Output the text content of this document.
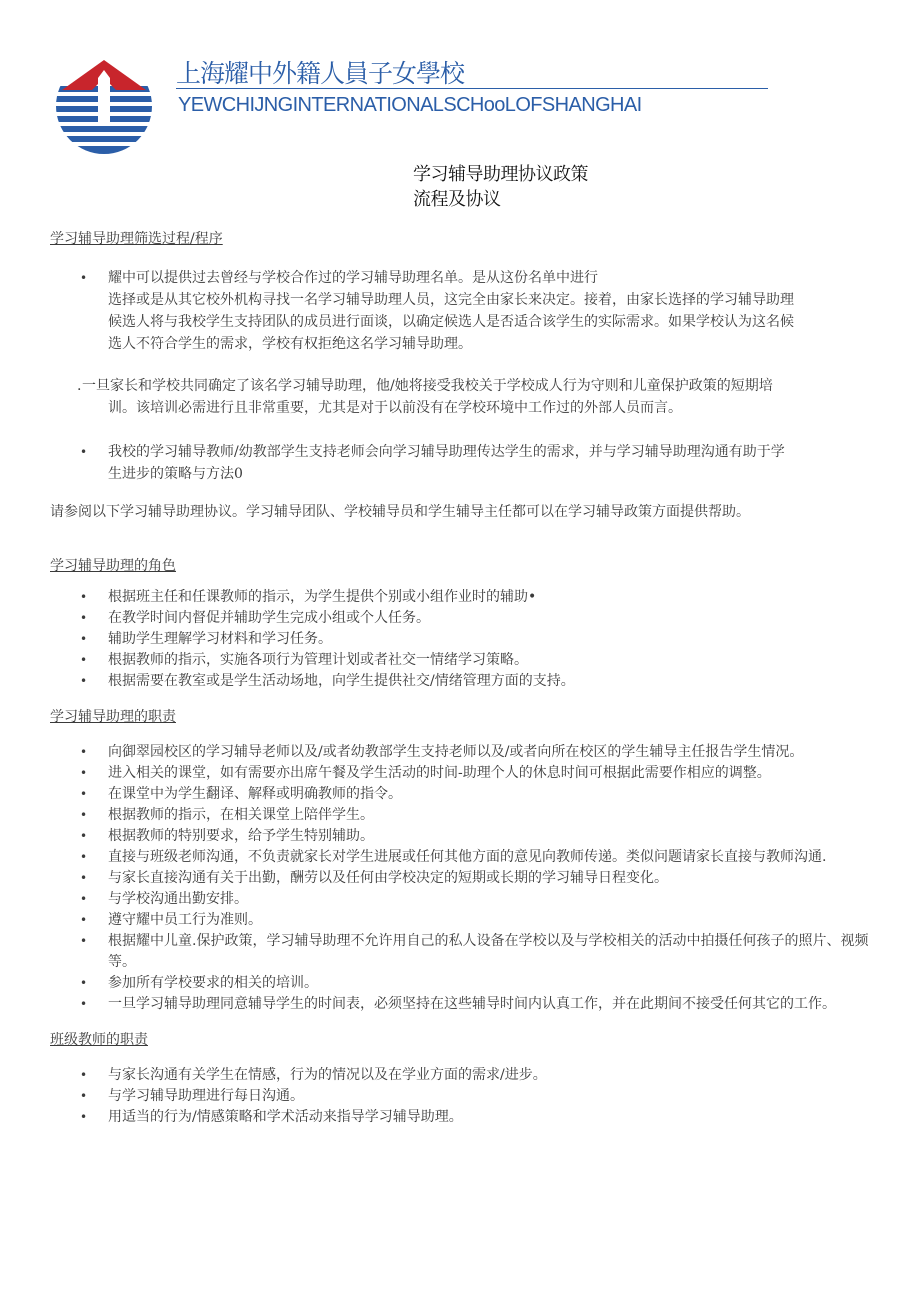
上海耀中外籍人員子女學校
YEWCHIJNGINTERNATIONALSCHooLOFSHANGHAI
学习辅导助理协议政策
流程及协议
学习辅导助理筛选过程/程序
• 耀中可以提供过去曾经与学校合作过的学习辅导助理名单。是从这份名单中进行
选择或是从其它校外机构寻找一名学习辅导助理人员，这完全由家长来决定。接着，由家长选择的学习辅导助理
候选人将与我校学生支持团队的成员进行面谈，以确定候选人是否适合该学生的实际需求。如果学校认为这名候
选人不符合学生的需求，学校有权拒绝这名学习辅导助理。
. 一旦家长和学校共同确定了该名学习辅导助理，他/她将接受我校关于学校成人行为守则和儿童保护政策的短期培
训。该培训必需进行且非常重要，尤其是对于以前没有在学校环境中工作过的外部人员而言。
• 我校的学习辅导教师/幼教部学生支持老师会向学习辅导助理传达学生的需求，并与学习辅导助理沟通有助于学
生进步的策略与方法0
请参阅以下学习辅导助理协议。学习辅导团队、学校辅导员和学生辅导主任都可以在学习辅导政策方面提供帮助。
学习辅导助理的角色
• 根据班主任和任课教师的指示，为学生提供个别或小组作业时的辅助•
• 在教学时间内督促并辅助学生完成小组或个人任务。
• 辅助学生理解学习材料和学习任务。
• 根据教师的指示，实施各项行为管理计划或者社交一情绪学习策略。
• 根据需要在教室或是学生活动场地，向学生提供社交/情绪管理方面的支持。
学习辅导助理的职责
• 向御翠园校区的学习辅导老师以及/或者幼教部学生支持老师以及/或者向所在校区的学生辅导主任报告学生情况。
• 进入相关的课堂，如有需要亦出席午餐及学生活动的时间-助理个人的休息时间可根据此需要作相应的调整。
• 在课堂中为学生翻译、解释或明确教师的指令。
• 根据教师的指示，在相关课堂上陪伴学生。
• 根据教师的特别要求，给予学生特别辅助。
• 直接与班级老师沟通，不负责就家长对学生进展或任何其他方面的意见向教师传递。类似问题请家长直接与教师沟通.
• 与家长直接沟通有关于出勤，酬劳以及任何由学校决定的短期或长期的学习辅导日程变化。
• 与学校沟通出勤安排。
• 遵守耀中员工行为准则。
• 根据耀中儿童.保护政策，学习辅导助理不允许用自己的私人设备在学校以及与学校相关的活动中拍摄任何孩子的照片、视频等。
• 参加所有学校要求的相关的培训。
• 一旦学习辅导助理同意辅导学生的时间表，必须坚持在这些辅导时间内认真工作，并在此期间不接受任何其它的工作。
班级教师的职责
• 与家长沟通有关学生在情感，行为的情况以及在学业方面的需求/进步。
• 与学习辅导助理进行每日沟通。
• 用适当的行为/情感策略和学术活动来指导学习辅导助理。
